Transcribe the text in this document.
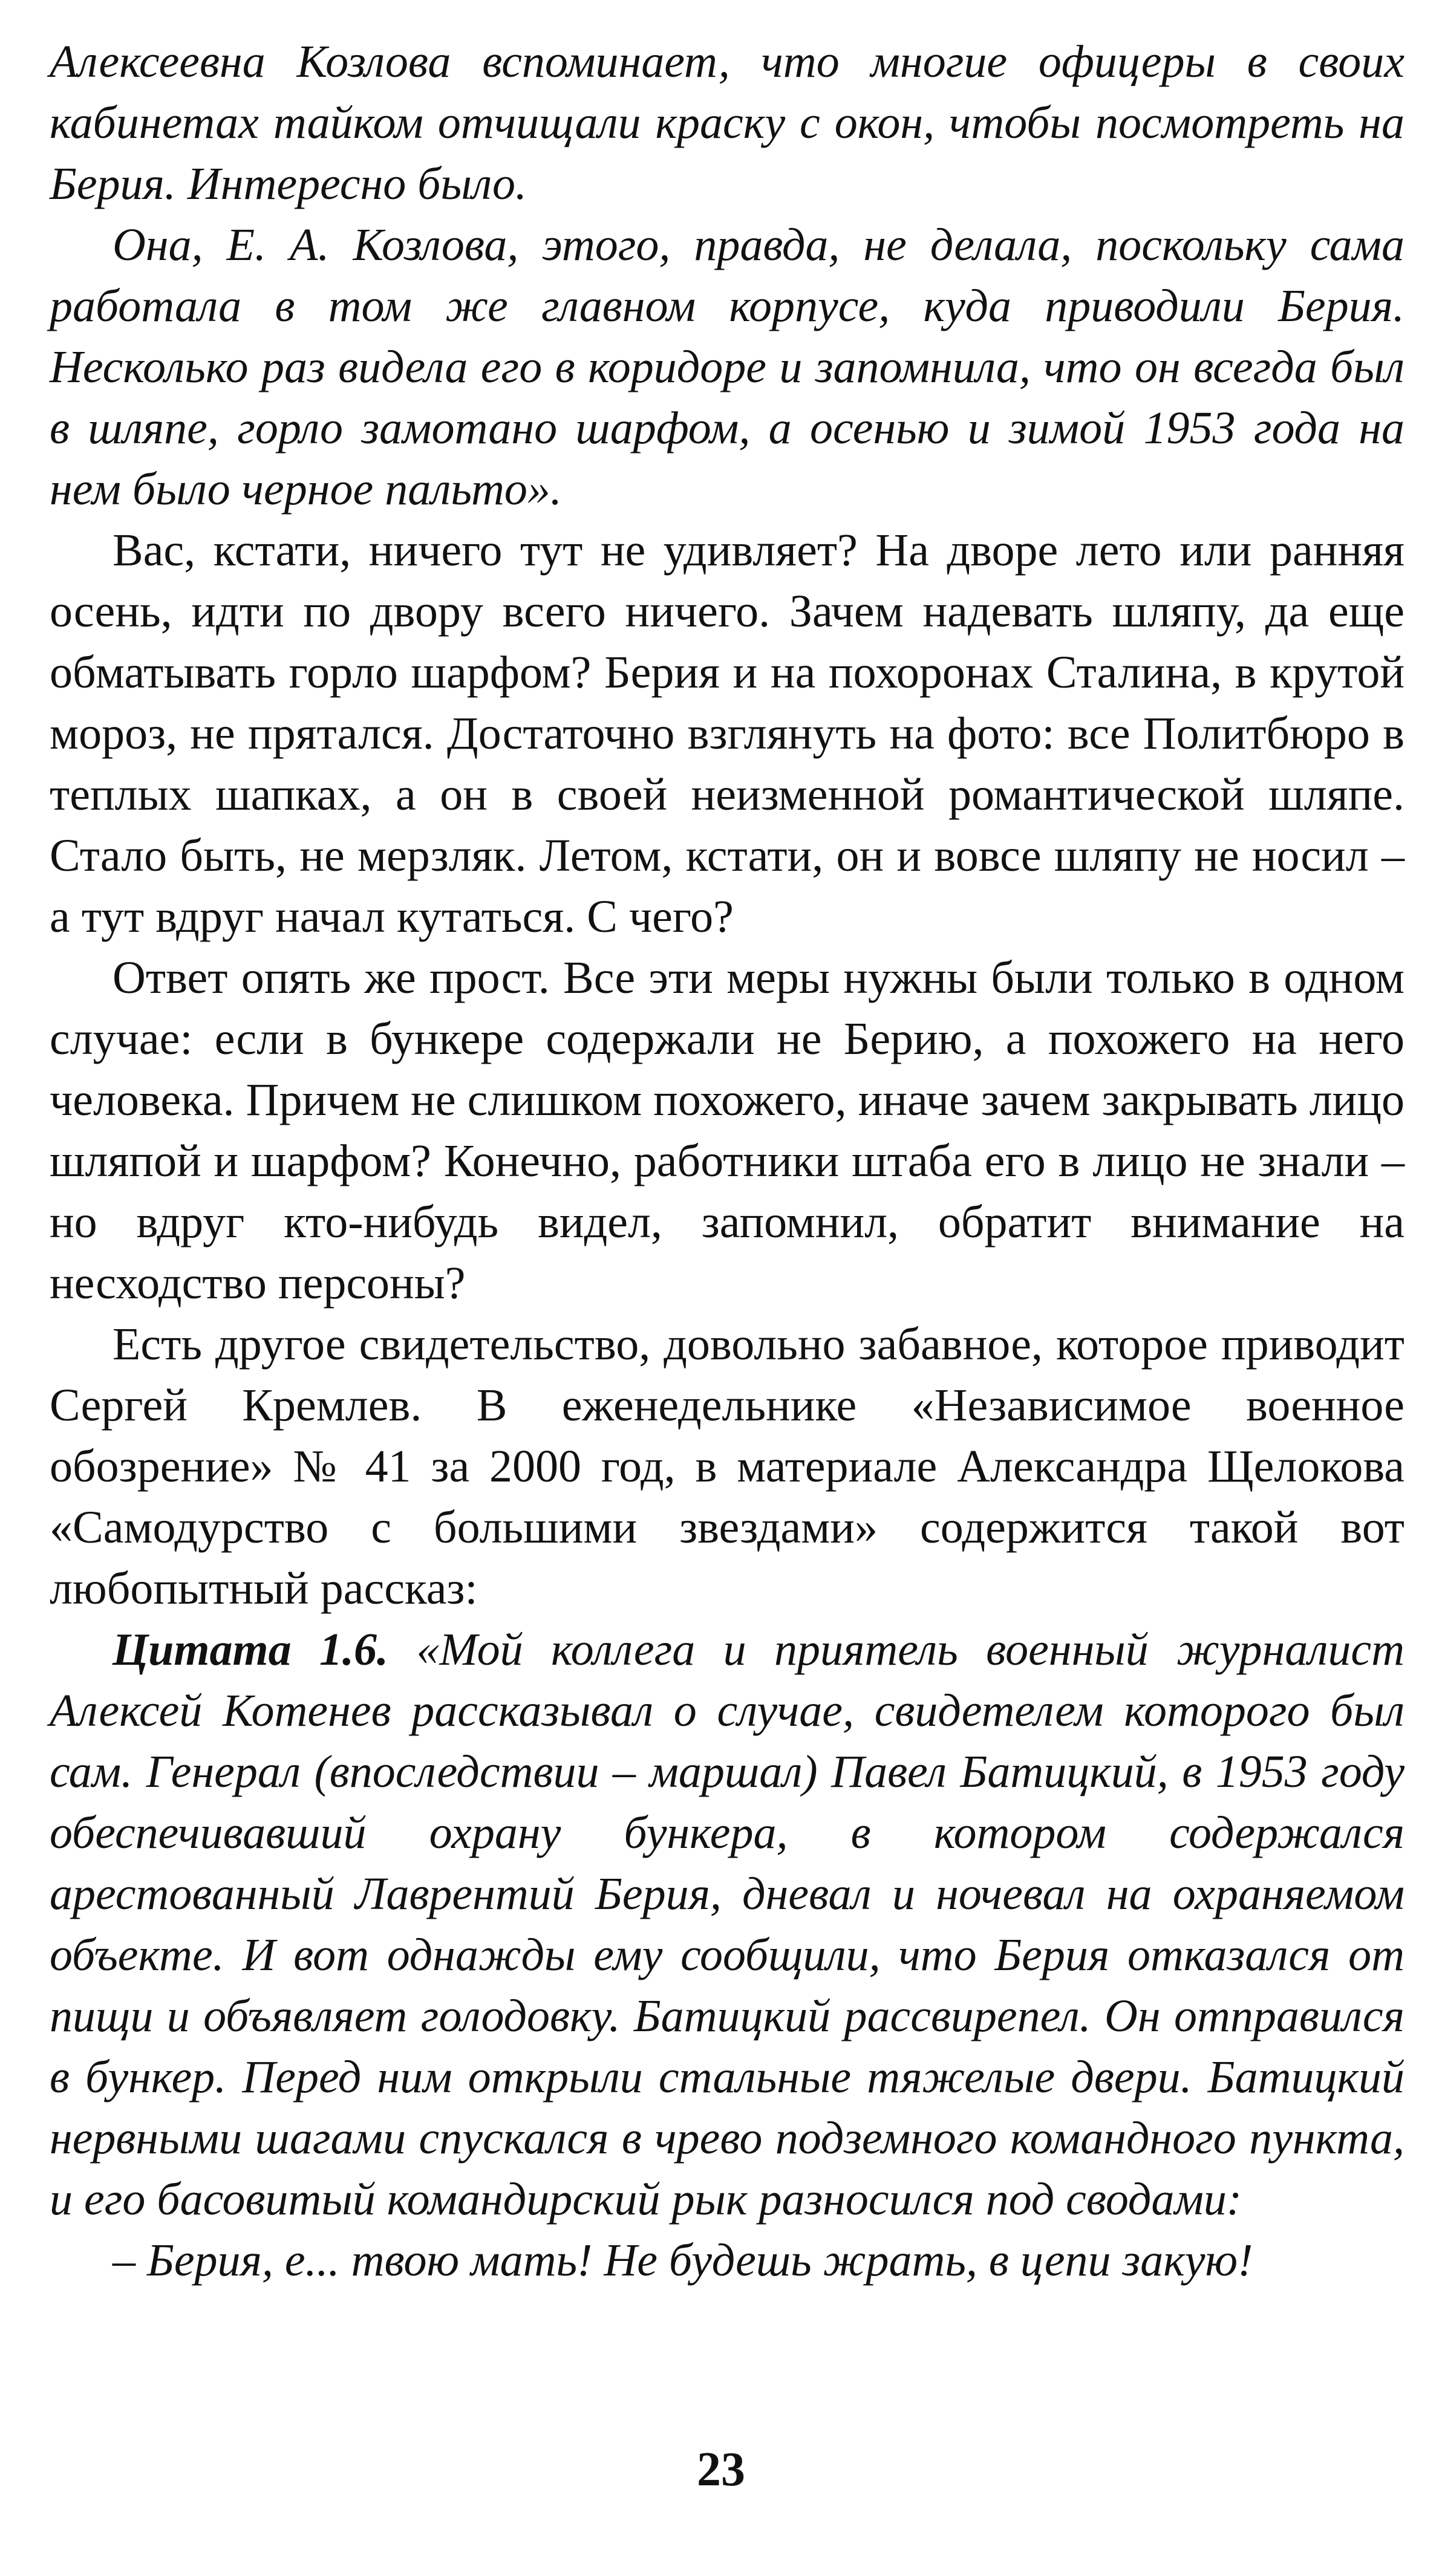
Алексеевна Козлова вспоминает, что многие офицеры в своих кабинетах тайком отчищали краску с окон, чтобы посмотреть на Берия. Интересно было.

Она, Е. А. Козлова, этого, правда, не делала, поскольку сама работала в том же главном корпусе, куда приводили Берия. Несколько раз видела его в коридоре и запомнила, что он всегда был в шляпе, горло замотано шарфом, а осенью и зимой 1953 года на нем было черное пальто».

Вас, кстати, ничего тут не удивляет? На дворе лето или ранняя осень, идти по двору всего ничего. Зачем надевать шляпу, да еще обматывать горло шарфом? Берия и на похоронах Сталина, в крутой мороз, не прятался. Достаточно взглянуть на фото: все Политбюро в теплых шапках, а он в своей неизменной романтической шляпе. Стало быть, не мерзляк. Летом, кстати, он и вовсе шляпу не носил – а тут вдруг начал кутаться. С чего?

Ответ опять же прост. Все эти меры нужны были только в одном случае: если в бункере содержали не Берию, а похожего на него человека. Причем не слишком похожего, иначе зачем закрывать лицо шляпой и шарфом? Конечно, работники штаба его в лицо не знали – но вдруг кто-нибудь видел, запомнил, обратит внимание на несходство персоны?

Есть другое свидетельство, довольно забавное, которое приводит Сергей Кремлев. В еженедельнике «Независимое военное обозрение» № 41 за 2000 год, в материале Александра Щелокова «Самодурство с большими звездами» содержится такой вот любопытный рассказ:

Цитата 1.6. «Мой коллега и приятель военный журналист Алексей Котенев рассказывал о случае, свидетелем которого был сам. Генерал (впоследствии – маршал) Павел Батицкий, в 1953 году обеспечивавший охрану бункера, в котором содержался арестованный Лаврентий Берия, дневал и ночевал на охраняемом объекте. И вот однажды ему сообщили, что Берия отказался от пищи и объявляет голодовку. Батицкий рассвирепел. Он отправился в бункер. Перед ним открыли стальные тяжелые двери. Батицкий нервными шагами спускался в чрево подземного командного пункта, и его басовитый командирский рык разносился под сводами:

– Берия, е... твою мать! Не будешь жрать, в цепи закую!

23
